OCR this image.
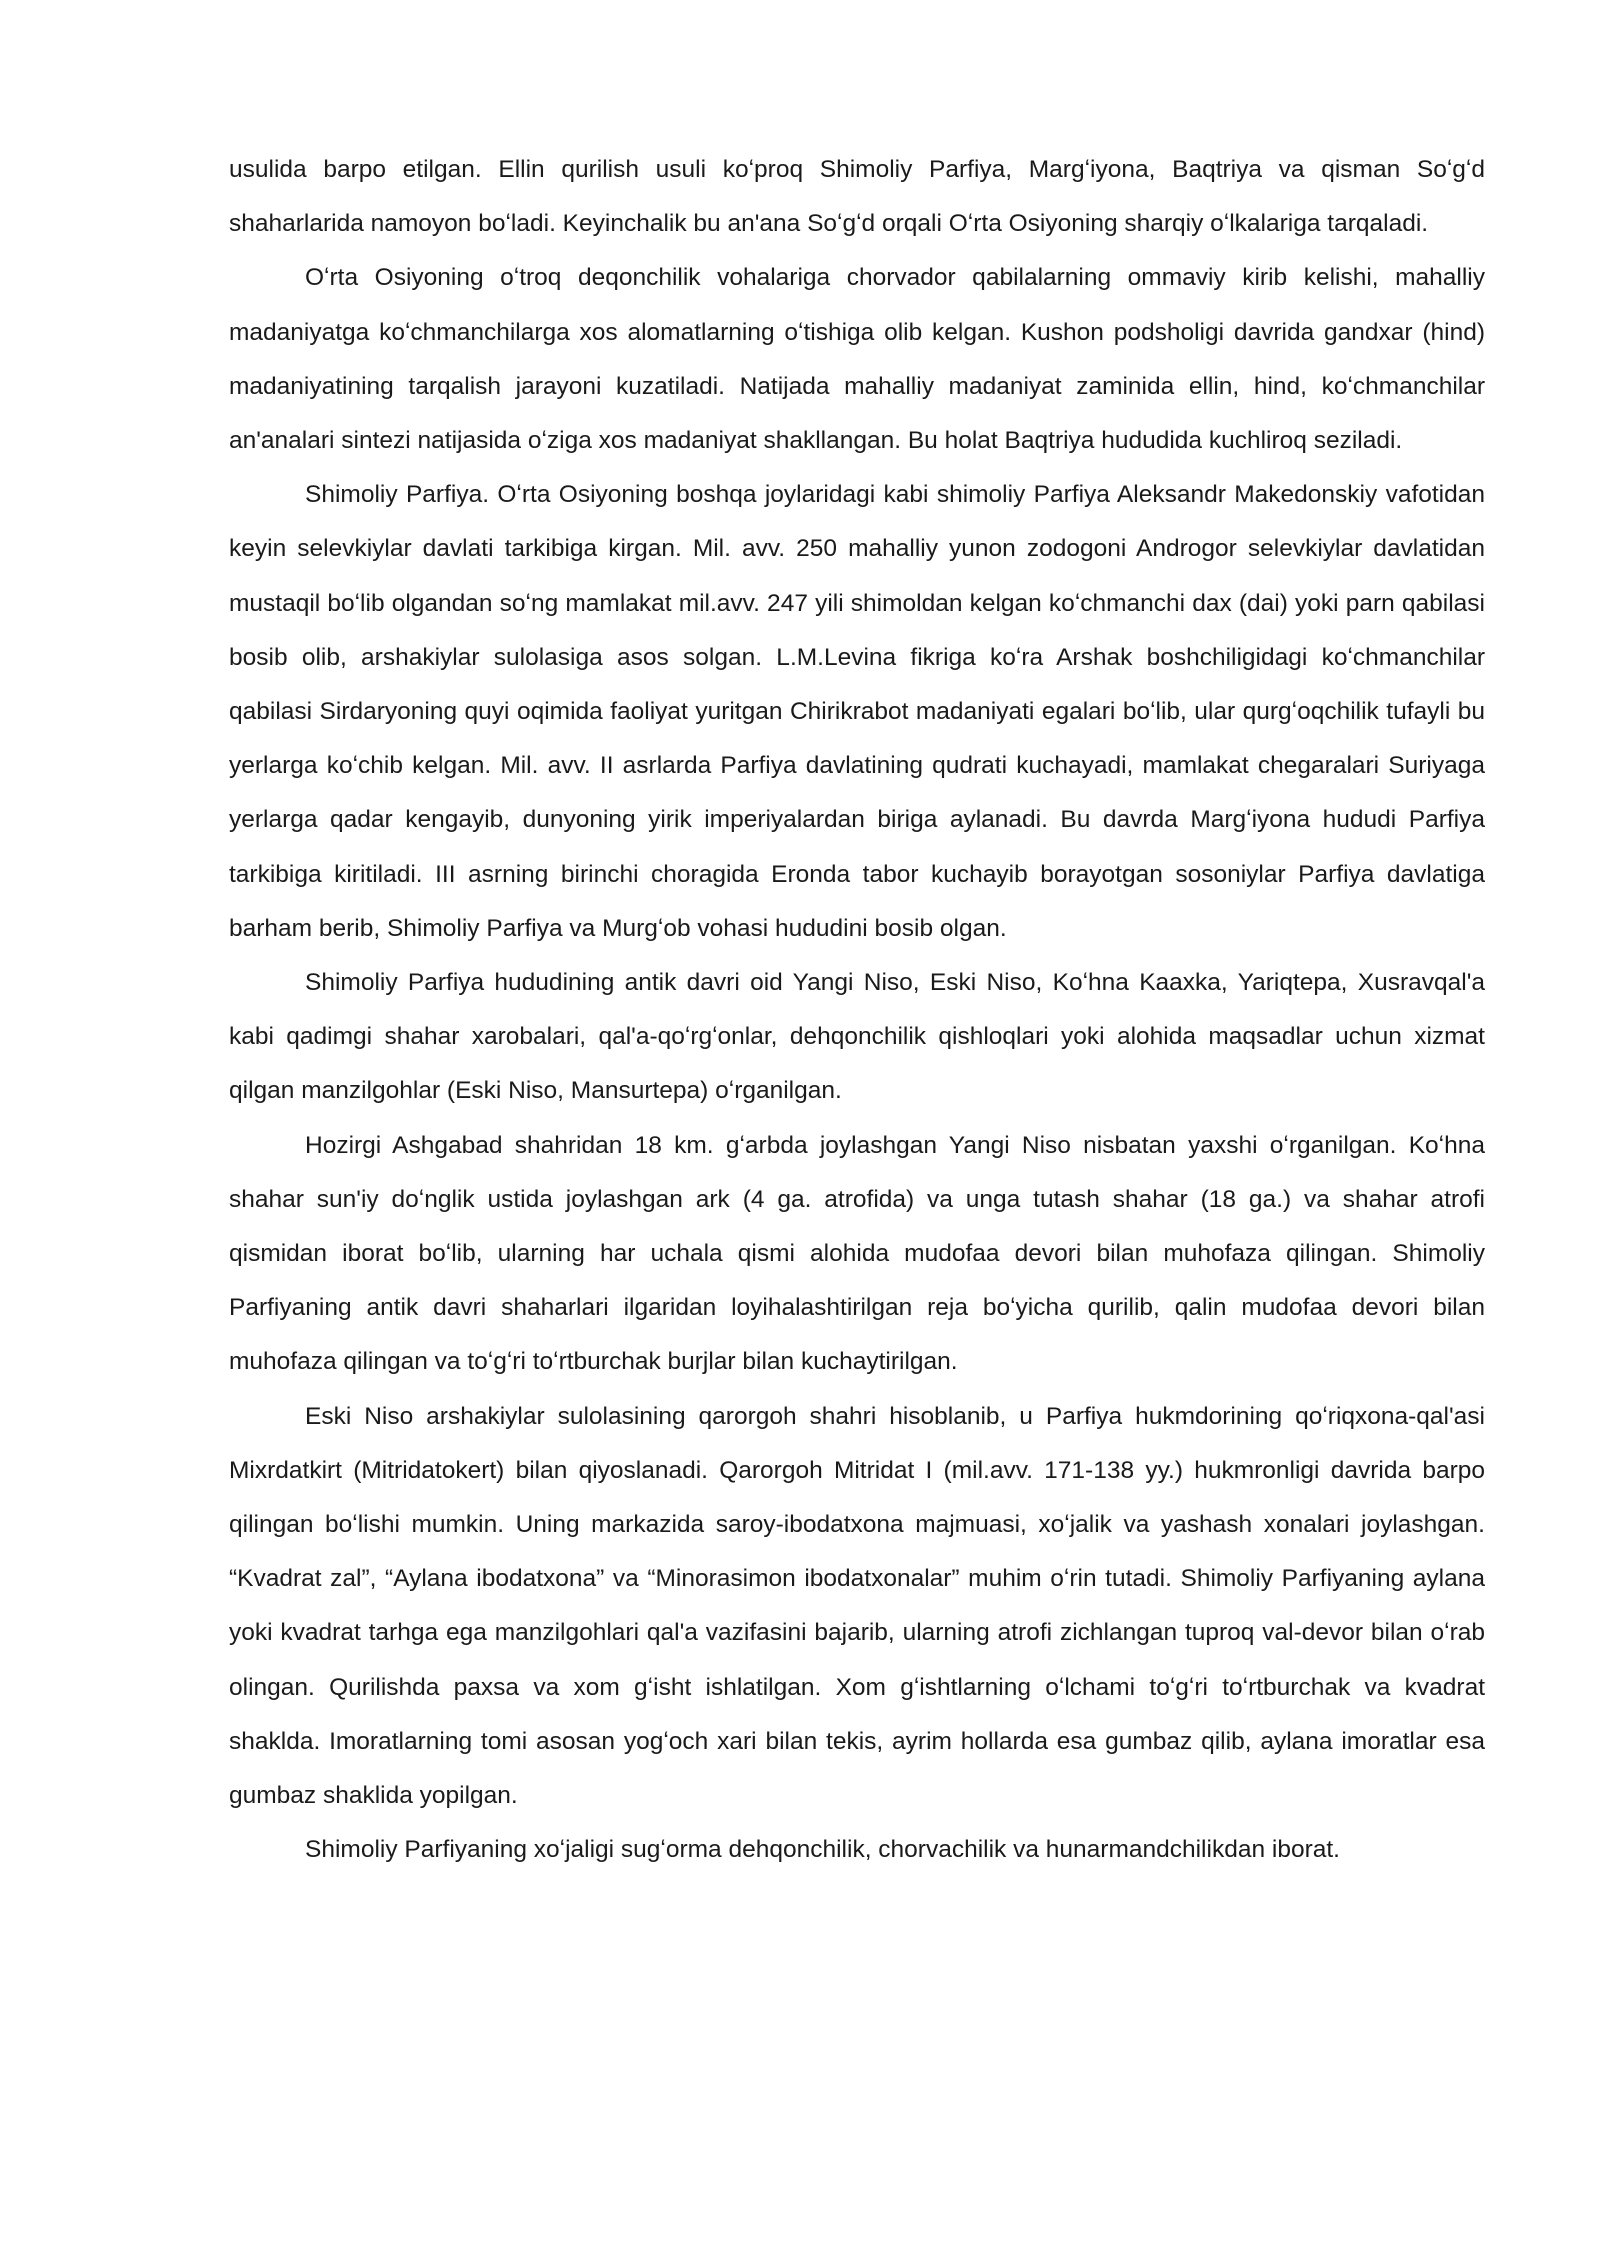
usulida barpo etilgan. Ellin qurilish usuli koʻproq Shimoliy Parfiya, Margʻiyona, Baqtriya va qisman Soʻgʻd shaharlarida namoyon boʻladi. Keyinchalik bu an'ana Soʻgʻd orqali Oʻrta Osiyoning sharqiy oʻlkalariga tarqaladi.

Oʻrta Osiyoning oʻtroq deqonchilik vohalariga chorvador qabilalarning ommaviy kirib kelishi, mahalliy madaniyatga koʻchmanchilarga xos alomatlarning oʻtishiga olib kelgan. Kushon podsholigi davrida gandxar (hind) madaniyatining tarqalish jarayoni kuzatiladi. Natijada mahalliy madaniyat zaminida ellin, hind, koʻchmanchilar an'analari sintezi natijasida oʻziga xos madaniyat shakllangan. Bu holat Baqtriya hududida kuchliroq seziladi.

Shimoliy Parfiya. Oʻrta Osiyoning boshqa joylaridagi kabi shimoliy Parfiya Aleksandr Makedonskiy vafotidan keyin selevkiylar davlati tarkibiga kirgan. Mil. avv. 250 mahalliy yunon zodogoni Androgor selevkiylar davlatidan mustaqil boʻlib olgandan soʻng mamlakat mil.avv. 247 yili shimoldan kelgan koʻchmanchi dax (dai) yoki parn qabilasi bosib olib, arshakiylar sulolasiga asos solgan. L.M.Levina fikriga koʻra Arshak boshchiligidagi koʻchmanchilar qabilasi Sirdaryoning quyi oqimida faoliyat yuritgan Chirikrabot madaniyati egalari boʻlib, ular qurgʻoqchilik tufayli bu yerlarga koʻchib kelgan. Mil. avv. II asrlarda Parfiya davlatining qudrati kuchayadi, mamlakat chegaralari Suriyaga yerlarga qadar kengayib, dunyoning yirik imperiyalardan biriga aylanadi. Bu davrda Margʻiyona hududi Parfiya tarkibiga kiritiladi. III asrning birinchi choragida Eronda tabor kuchayib borayotgan sosoniylar Parfiya davlatiga barham berib, Shimoliy Parfiya va Murgʻob vohasi hududini bosib olgan.

Shimoliy Parfiya hududining antik davri oid Yangi Niso, Eski Niso, Koʻhna Kaaxka, Yariqtepa, Xusravqal'a kabi qadimgi shahar xarobalari, qal'a-qoʻrgʻonlar, dehqonchilik qishloqlari yoki alohida maqsadlar uchun xizmat qilgan manzilgohlar (Eski Niso, Mansurtepa) oʻrganilgan.

Hozirgi Ashgabad shahridan 18 km. gʻarbda joylashgan Yangi Niso nisbatan yaxshi oʻrganilgan. Koʻhna shahar sun'iy doʻnglik ustida joylashgan ark (4 ga. atrofida) va unga tutash shahar (18 ga.) va shahar atrofi qismidan iborat boʻlib, ularning har uchala qismi alohida mudofaa devori bilan muhofaza qilingan. Shimoliy Parfiyaning antik davri shaharlari ilgaridan loyihalashtirilgan reja boʻyicha qurilib, qalin mudofaa devori bilan muhofaza qilingan va toʻgʻri toʻrtburchak burjlar bilan kuchaytirilgan.

Eski Niso arshakiylar sulolasining qarorgoh shahri hisoblanib, u Parfiya hukmdorining qoʻriqxona-qal'asi Mixrdatkirt (Mitridatokert) bilan qiyoslanadi. Qarorgoh Mitridat I (mil.avv. 171-138 yy.) hukmronligi davrida barpo qilingan boʻlishi mumkin. Uning markazida saroy-ibodatxona majmuasi, xoʻjalik va yashash xonalari joylashgan. “Kvadrat zal”, “Aylana ibodatxona” va “Minorasimon ibodatxonalar” muhim oʻrin tutadi. Shimoliy Parfiyaning aylana yoki kvadrat tarhga ega manzilgohlari qal'a vazifasini bajarib, ularning atrofi zichlangan tuproq val-devor bilan oʻrab olingan. Qurilishda paxsa va xom gʻisht ishlatilgan. Xom gʻishtlarning oʻlchami toʻgʻri toʻrtburchak va kvadrat shaklda. Imoratlarning tomi asosan yogʻoch xari bilan tekis, ayrim hollarda esa gumbaz qilib, aylana imoratlar esa gumbaz shaklida yopilgan.

Shimoliy Parfiyaning xoʻjaligi sugʻorma dehqonchilik, chorvachilik va hunarmandchilikdan iborat.
